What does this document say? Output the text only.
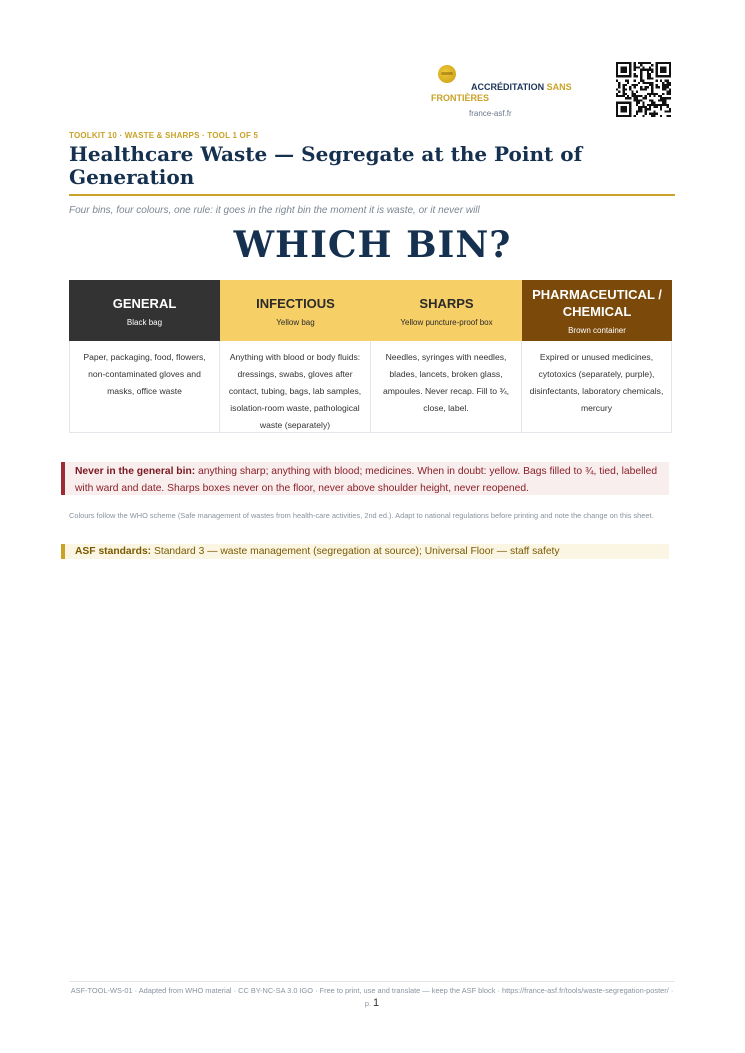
ACCRÉDITATION SANS FRONTIÈRES
france-asf.fr
TOOLKIT 10 · WASTE & SHARPS · TOOL 1 OF 5
Healthcare Waste — Segregate at the Point of Generation
Four bins, four colours, one rule: it goes in the right bin the moment it is waste, or it never will
WHICH BIN?
GENERAL
Black bag
INFECTIOUS
Yellow bag
SHARPS
Yellow puncture-proof box
PHARMACEUTICAL / CHEMICAL
Brown container
Paper, packaging, food, flowers, non-contaminated gloves and masks, office waste
Anything with blood or body fluids: dressings, swabs, gloves after contact, tubing, bags, lab samples, isolation-room waste, pathological waste (separately)
Needles, syringes with needles, blades, lancets, broken glass, ampoules. Never recap. Fill to ¾, close, label.
Expired or unused medicines, cytotoxics (separately, purple), disinfectants, laboratory chemicals, mercury
Never in the general bin: anything sharp; anything with blood; medicines. When in doubt: yellow. Bags filled to ¾, tied, labelled with ward and date. Sharps boxes never on the floor, never above shoulder height, never reopened.
Colours follow the WHO scheme (Safe management of wastes from health-care activities, 2nd ed.). Adapt to national regulations before printing and note the change on this sheet.
ASF standards: Standard 3 — waste management (segregation at source); Universal Floor — staff safety
ASF-TOOL-WS-01 · Adapted from WHO material · CC BY-NC-SA 3.0 IGO · Free to print, use and translate — keep the ASF block · https://france-asf.fr/tools/waste-segregation-poster/ · p. 1
